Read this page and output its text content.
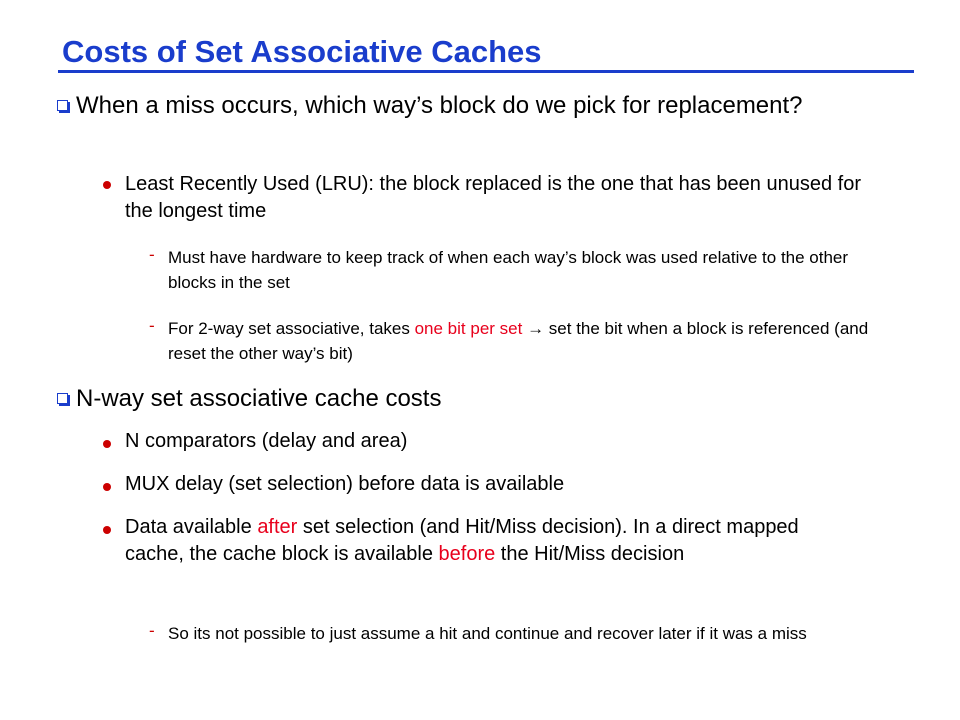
Costs of Set Associative Caches
When a miss occurs, which way’s block do we pick for replacement?
Least Recently Used (LRU): the block replaced is the one that has been unused for the longest time
- Must have hardware to keep track of when each way’s block was used relative to the other blocks in the set
- For 2-way set associative, takes one bit per set → set the bit when a block is referenced (and reset the other way’s bit)
N-way set associative cache costs
N comparators (delay and area)
MUX delay (set selection) before data is available
Data available after set selection (and Hit/Miss decision). In a direct mapped cache, the cache block is available before the Hit/Miss decision
- So its not possible to just assume a hit and continue and recover later if it was a miss
